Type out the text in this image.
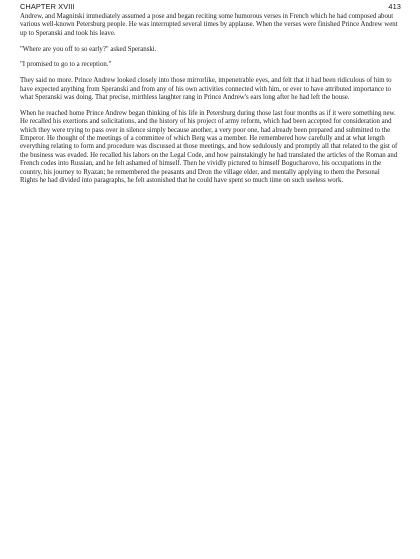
CHAPTER XVIII	413

Andrew, and Magnitski immediately assumed a pose and began reciting some humorous verses in French which he had composed about various well-known Petersburg people. He was interrupted several times by applause. When the verses were finished Prince Andrew went up to Speranski and took his leave.

"Where are you off to so early?" asked Speranski.

"I promised to go to a reception."

They said no more. Prince Andrew looked closely into those mirrorlike, impenetrable eyes, and felt that it had been ridiculous of him to have expected anything from Speranski and from any of his own activities connected with him, or ever to have attributed importance to what Speranski was doing. That precise, mirthless laughter rang in Prince Andrew's ears long after he had left the house.

When he reached home Prince Andrew began thinking of his life in Petersburg during those last four months as if it were something new. He recalled his exertions and solicitations, and the history of his project of army reform, which had been accepted for consideration and which they were trying to pass over in silence simply because another, a very poor one, had already been prepared and submitted to the Emperor. He thought of the meetings of a committee of which Berg was a member. He remembered how carefully and at what length everything relating to form and procedure was discussed at those meetings, and how sedulously and promptly all that related to the gist of the business was evaded. He recalled his labors on the Legal Code, and how painstakingly he had translated the articles of the Roman and French codes into Russian, and he felt ashamed of himself. Then he vividly pictured to himself Bogucharovo, his occupations in the country, his journey to Ryazan; he remembered the peasants and Dron the village elder, and mentally applying to them the Personal Rights he had divided into paragraphs, he felt astonished that he could have spent so much time on such useless work.
